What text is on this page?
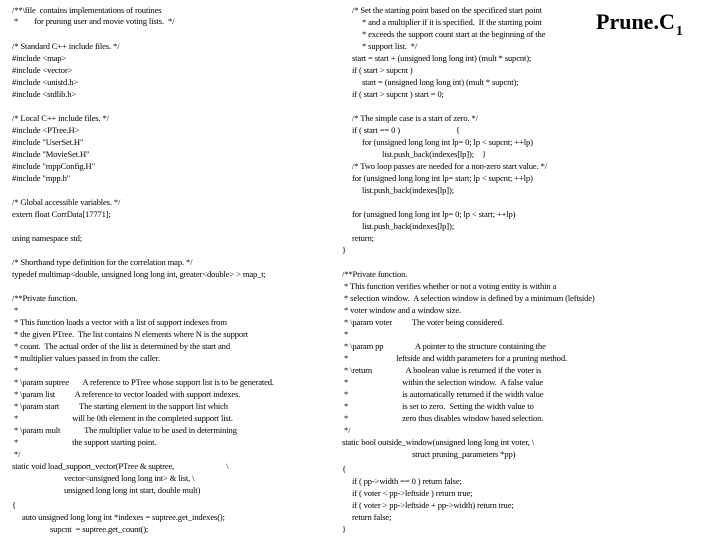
$Prune.C_1$
/**\file  contains implementations of routines
*        for pruning user and movie voting lists.  */
/* Standard C++ include files. */
#include <map>
#include <vector>
#include <unistd.h>
#include <stdlib.h>
/* Local C++ include files. */
#include <PTree.H>
#include "UserSet.H"
#include "MovieSet.H"
#include "mppConfig.H"
#include "mpp.h"
/* Global accessible variables. */
extern float CorrData[17771];
using namespace std;
/* Shorthand type definition for the correlation map. */
typedef multimap<double, unsigned long long int, greater<double> > map_t;
/**Private function.
*
* This function loads a vector with a list of support indexes from
* the given PTree.  The list contains N elements where N is the support
* count.  The actual order of the list is determined by the start and
* multiplier values passed in from the caller.
*
* \param suptree       A reference to PTree whose support list is to be generated.
* \param list          A reference to vector loaded with support indexes.
* \param start          The starting element in the support list which
*                           will be 0th element in the completed support list.
* \param mult            The multiplier value to be used in determining
*                           the support starting point.
*/
static void load_support_vector(PTree & suptree,                          \
vector<unsigned long long int> & list, \
unsigned long long int start, double mult)
{
auto unsigned long long int *indexes = suptree.get_indexes();
supcnt  = suptree.get_count();
/* Set the starting point based on the specificed start point
* and a multiplier if it is specified.  If the starting point
* exceeds the support count start at the beginning of the
* support list.  */
start = start + (unsigned long long int) (mult * supcnt);
if ( start > supcnt )
start = (unsigned long long int) (mult * supcnt);
if ( start > supcnt ) start = 0;
/* The simple case is a start of zero. */
if ( start == 0 )                            {
for (unsigned long long int lp= 0; lp < supcnt; ++lp)
list.push_back(indexes[lp]);    }
/* Two loop passes are needed for a non-zero start value. */
for (unsigned long long int lp= start; lp < supcnt; ++lp)
list.push_back(indexes[lp]);
for (unsigned long long int lp= 0; lp < start; ++lp)
list.push_back(indexes[lp]);
return;
}
/**Private function.
* This function verifies whether or not a voting entity is within a
* selection window.  A selection window is defined by a minimum (leftside)
* voter window and a window size.
* \param voter          The voter being considered.
*
* \param pp                A pointer to the structure containing the
*                        leftside and width parameters for a pruning method.
* \return                 A boolean value is returned if the voter is
*                           within the selection window.  A false value
*                           is automatically returned if the width value
*                           is set to zero.  Setting the width value to
*                           zero thus disables window based selection.
*/
static bool outside_window(unsigned long long int voter, \
struct pruning_parameters *pp)
{
if ( pp->width == 0 ) return false;
if ( voter < pp->leftside ) return true;
if ( voter > pp->leftside + pp->width) return true;
return false;
}
